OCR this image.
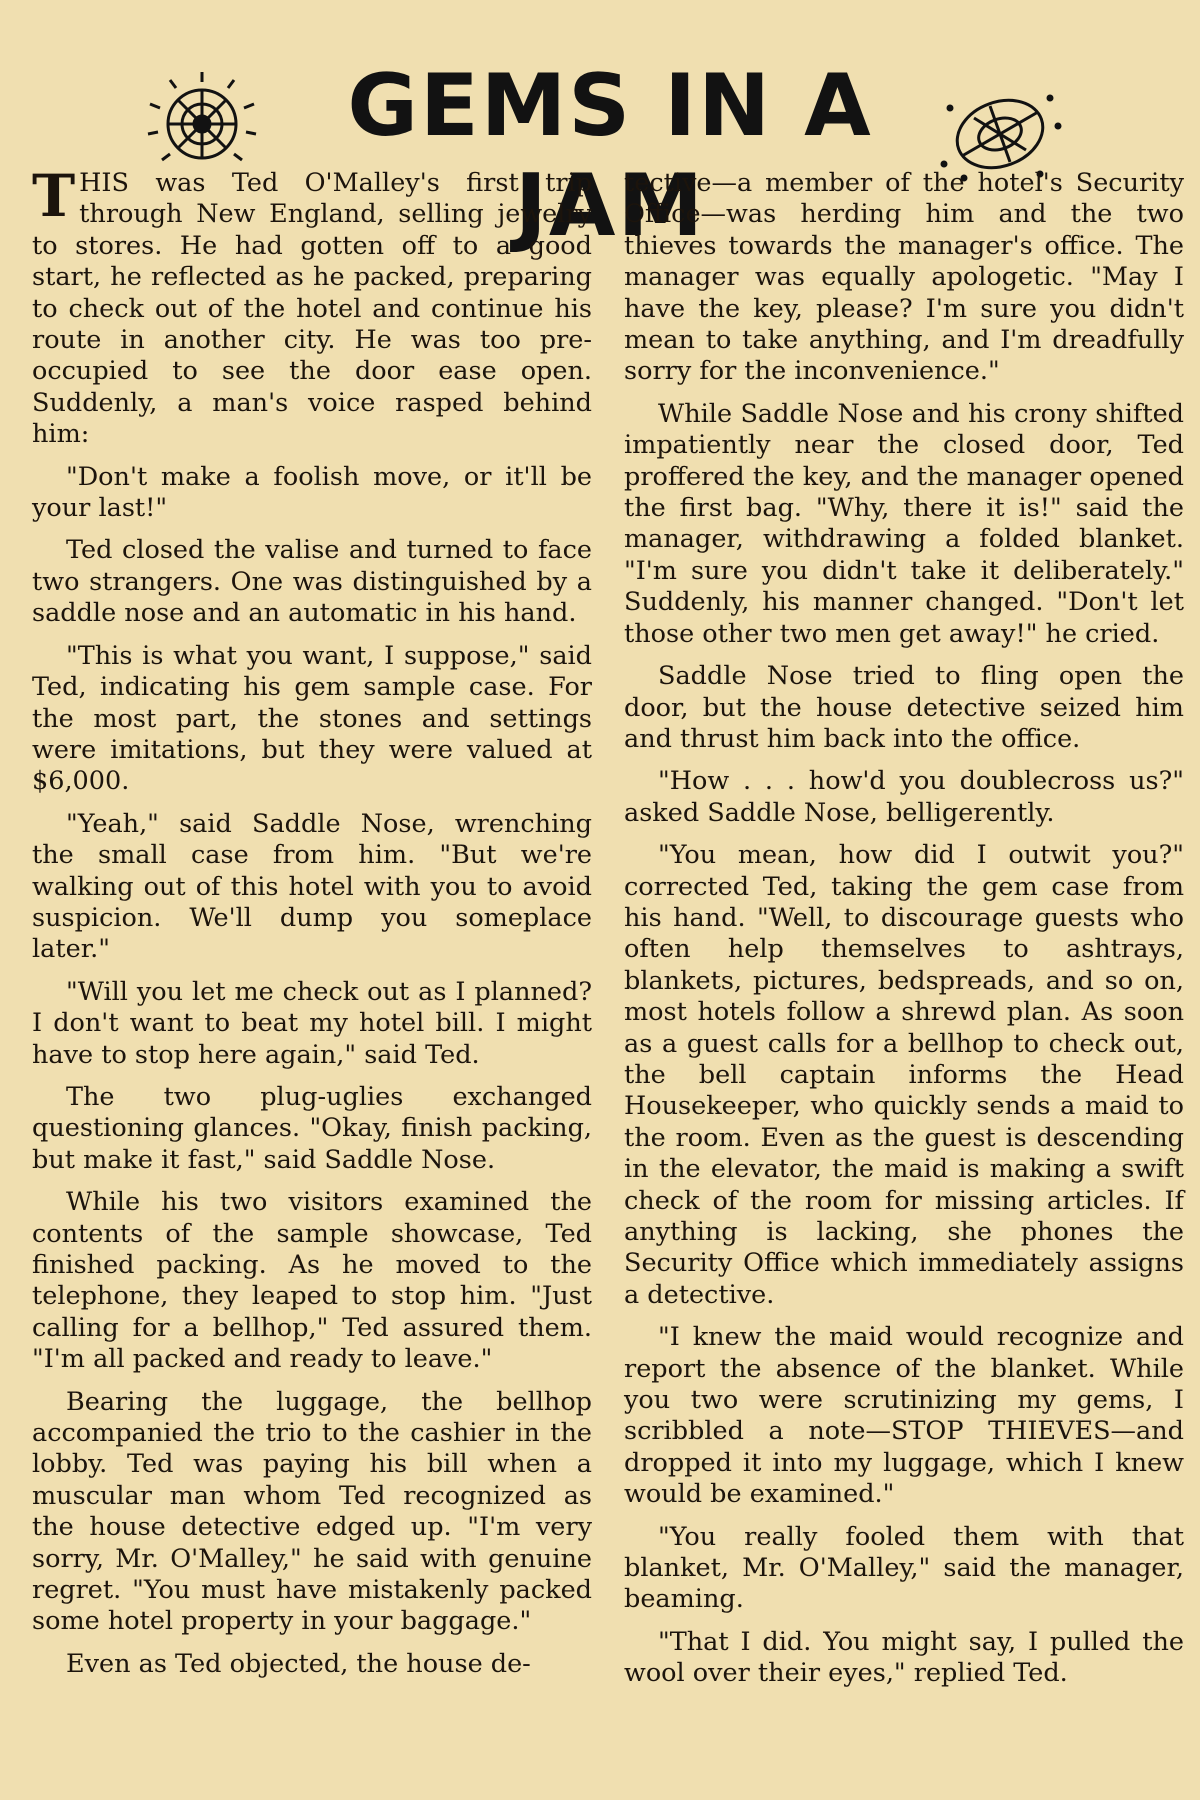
GEMS IN A JAM

THIS was Ted O'Malley's first trip through New England, selling jewelry to stores. He had gotten off to a good start, he reflected as he packed, preparing to check out of the hotel and continue his route in another city. He was too pre-occupied to see the door ease open. Suddenly, a man's voice rasped behind him:

"Don't make a foolish move, or it'll be your last!"

Ted closed the valise and turned to face two strangers. One was distinguished by a saddle nose and an automatic in his hand.

"This is what you want, I suppose," said Ted, indicating his gem sample case. For the most part, the stones and settings were imitations, but they were valued at $6,000.

"Yeah," said Saddle Nose, wrenching the small case from him. "But we're walking out of this hotel with you to avoid suspicion. We'll dump you someplace later."

"Will you let me check out as I planned? I don't want to beat my hotel bill. I might have to stop here again," said Ted.

The two plug-uglies exchanged questioning glances. "Okay, finish packing, but make it fast," said Saddle Nose.

While his two visitors examined the contents of the sample showcase, Ted finished packing. As he moved to the telephone, they leaped to stop him. "Just calling for a bellhop," Ted assured them. "I'm all packed and ready to leave."

Bearing the luggage, the bellhop accompanied the trio to the cashier in the lobby. Ted was paying his bill when a muscular man whom Ted recognized as the house detective edged up. "I'm very sorry, Mr. O'Malley," he said with genuine regret. "You must have mistakenly packed some hotel property in your baggage."

Even as Ted objected, the house de-

tective—a member of the hotel's Security Office—was herding him and the two thieves towards the manager's office. The manager was equally apologetic. "May I have the key, please? I'm sure you didn't mean to take anything, and I'm dreadfully sorry for the inconvenience."

While Saddle Nose and his crony shifted impatiently near the closed door, Ted proffered the key, and the manager opened the first bag. "Why, there it is!" said the manager, withdrawing a folded blanket. "I'm sure you didn't take it deliberately." Suddenly, his manner changed. "Don't let those other two men get away!" he cried.

Saddle Nose tried to fling open the door, but the house detective seized him and thrust him back into the office.

"How . . . how'd you doublecross us?" asked Saddle Nose, belligerently.

"You mean, how did I outwit you?" corrected Ted, taking the gem case from his hand. "Well, to discourage guests who often help themselves to ashtrays, blankets, pictures, bedspreads, and so on, most hotels follow a shrewd plan. As soon as a guest calls for a bellhop to check out, the bell captain informs the Head Housekeeper, who quickly sends a maid to the room. Even as the guest is descending in the elevator, the maid is making a swift check of the room for missing articles. If anything is lacking, she phones the Security Office which immediately assigns a detective.

"I knew the maid would recognize and report the absence of the blanket. While you two were scrutinizing my gems, I scribbled a note—STOP THIEVES—and dropped it into my luggage, which I knew would be examined."

"You really fooled them with that blanket, Mr. O'Malley," said the manager, beaming.

"That I did. You might say, I pulled the wool over their eyes," replied Ted.
